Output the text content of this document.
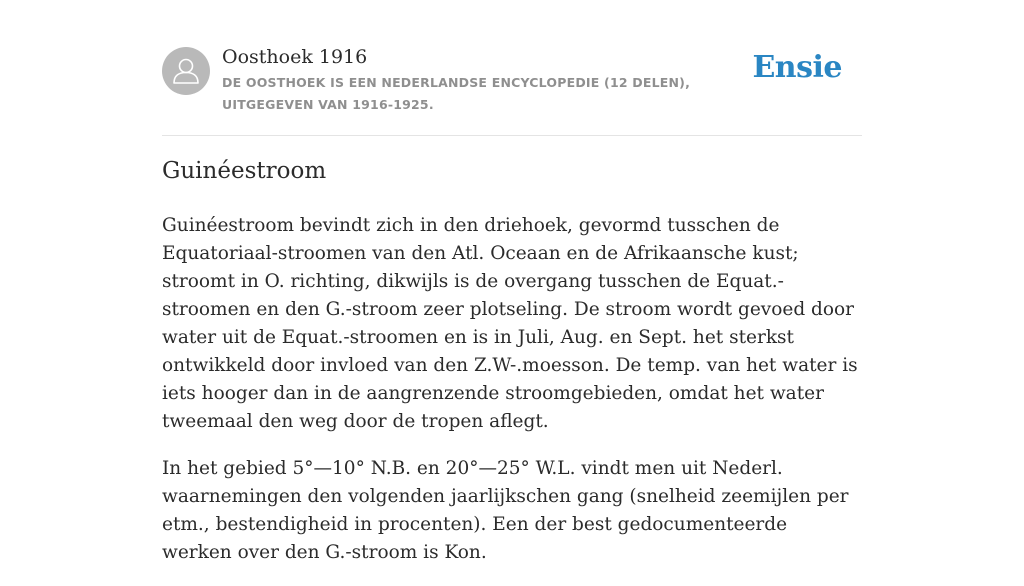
Oosthoek 1916
DE OOSTHOEK IS EEN NEDERLANDSE ENCYCLOPEDIE (12 DELEN), UITGEGEVEN VAN 1916-1925.
Ensie
Guinéestroom

Guinéestroom bevindt zich in den driehoek, gevormd tusschen de Equatoriaal-stroomen van den Atl. Oceaan en de Afrikaansche kust; stroomt in O. richting, dikwijls is de overgang tusschen de Equat.-stroomen en den G.-stroom zeer plotseling. De stroom wordt gevoed door water uit de Equat.-stroomen en is in Juli, Aug. en Sept. het sterkst ontwikkeld door invloed van den Z.W-.moesson. De temp. van het water is iets hooger dan in de aangrenzende stroomgebieden, omdat het water tweemaal den weg door de tropen aflegt.

In het gebied 5°—10° N.B. en 20°—25° W.L. vindt men uit Nederl. waarnemingen den volgenden jaarlijkschen gang (snelheid zeemijlen per etm., bestendigheid in procenten). Een der best gedocumenteerde werken over den G.-stroom is Kon.
